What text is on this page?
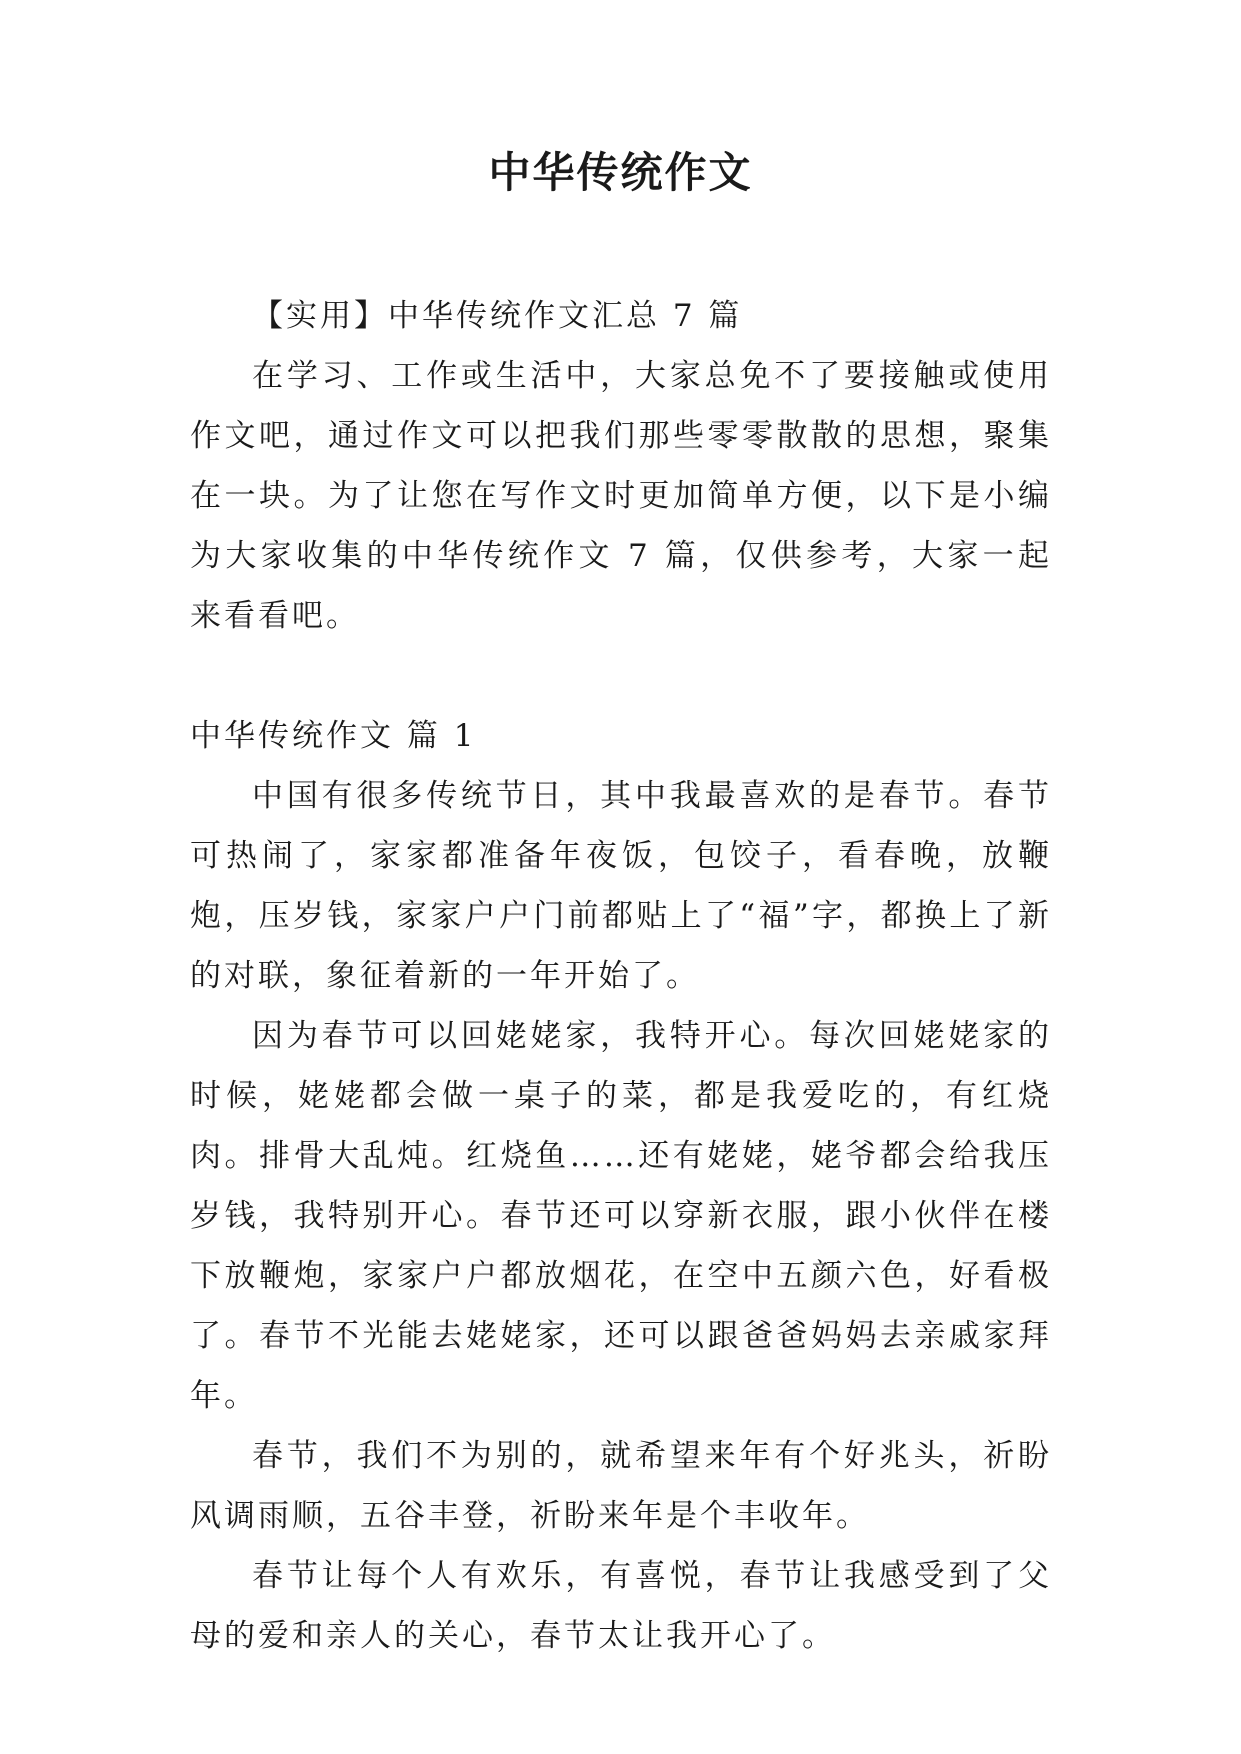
中华传统作文

【实用】中华传统作文汇总 7 篇

在学习、工作或生活中，大家总免不了要接触或使用作文吧，通过作文可以把我们那些零零散散的思想，聚集在一块。为了让您在写作文时更加简单方便，以下是小编为大家收集的中华传统作文 7 篇，仅供参考，大家一起来看看吧。

中华传统作文 篇 1

中国有很多传统节日，其中我最喜欢的是春节。春节可热闹了，家家都准备年夜饭，包饺子，看春晚，放鞭炮，压岁钱，家家户户门前都贴上了“福”字，都换上了新的对联，象征着新的一年开始了。

因为春节可以回姥姥家，我特开心。每次回姥姥家的时候，姥姥都会做一桌子的菜，都是我爱吃的，有红烧肉。排骨大乱炖。红烧鱼……还有姥姥，姥爷都会给我压岁钱，我特别开心。春节还可以穿新衣服，跟小伙伴在楼下放鞭炮，家家户户都放烟花，在空中五颜六色，好看极了。春节不光能去姥姥家，还可以跟爸爸妈妈去亲戚家拜年。

春节，我们不为别的，就希望来年有个好兆头，祈盼风调雨顺，五谷丰登，祈盼来年是个丰收年。

春节让每个人有欢乐，有喜悦，春节让我感受到了父母的爱和亲人的关心，春节太让我开心了。
